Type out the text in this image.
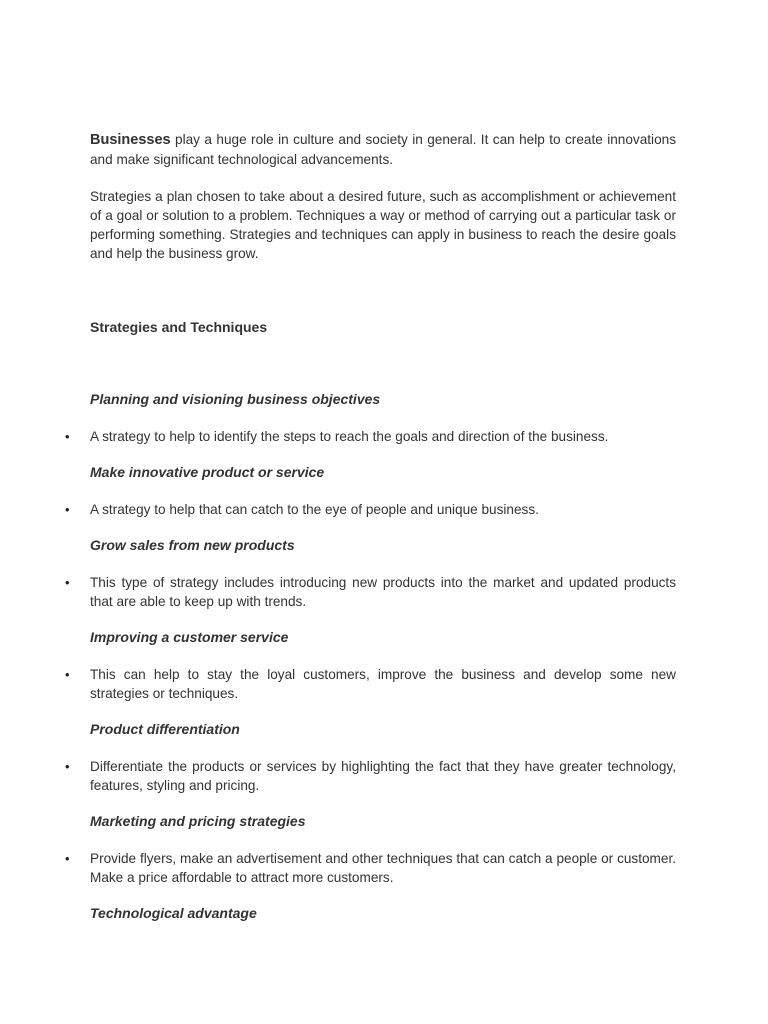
Businesses play a huge role in culture and society in general. It can help to create innovations and make significant technological advancements.

Strategies a plan chosen to take about a desired future, such as accomplishment or achievement of a goal or solution to a problem. Techniques a way or method of carrying out a particular task or performing something. Strategies and techniques can apply in business to reach the desire goals and help the business grow.

Strategies and Techniques
Planning and visioning business objectives

• A strategy to help to identify the steps to reach the goals and direction of the business.

Make innovative product or service

• A strategy to help that can catch to the eye of people and unique business.

Grow sales from new products

• This type of strategy includes introducing new products into the market and updated products that are able to keep up with trends.

Improving a customer service

• This can help to stay the loyal customers, improve the business and develop some new strategies or techniques.

Product differentiation

• Differentiate the products or services by highlighting the fact that they have greater technology, features, styling and pricing.

Marketing and pricing strategies

• Provide flyers, make an advertisement and other techniques that can catch a people or customer. Make a price affordable to attract more customers.

Technological advantage
